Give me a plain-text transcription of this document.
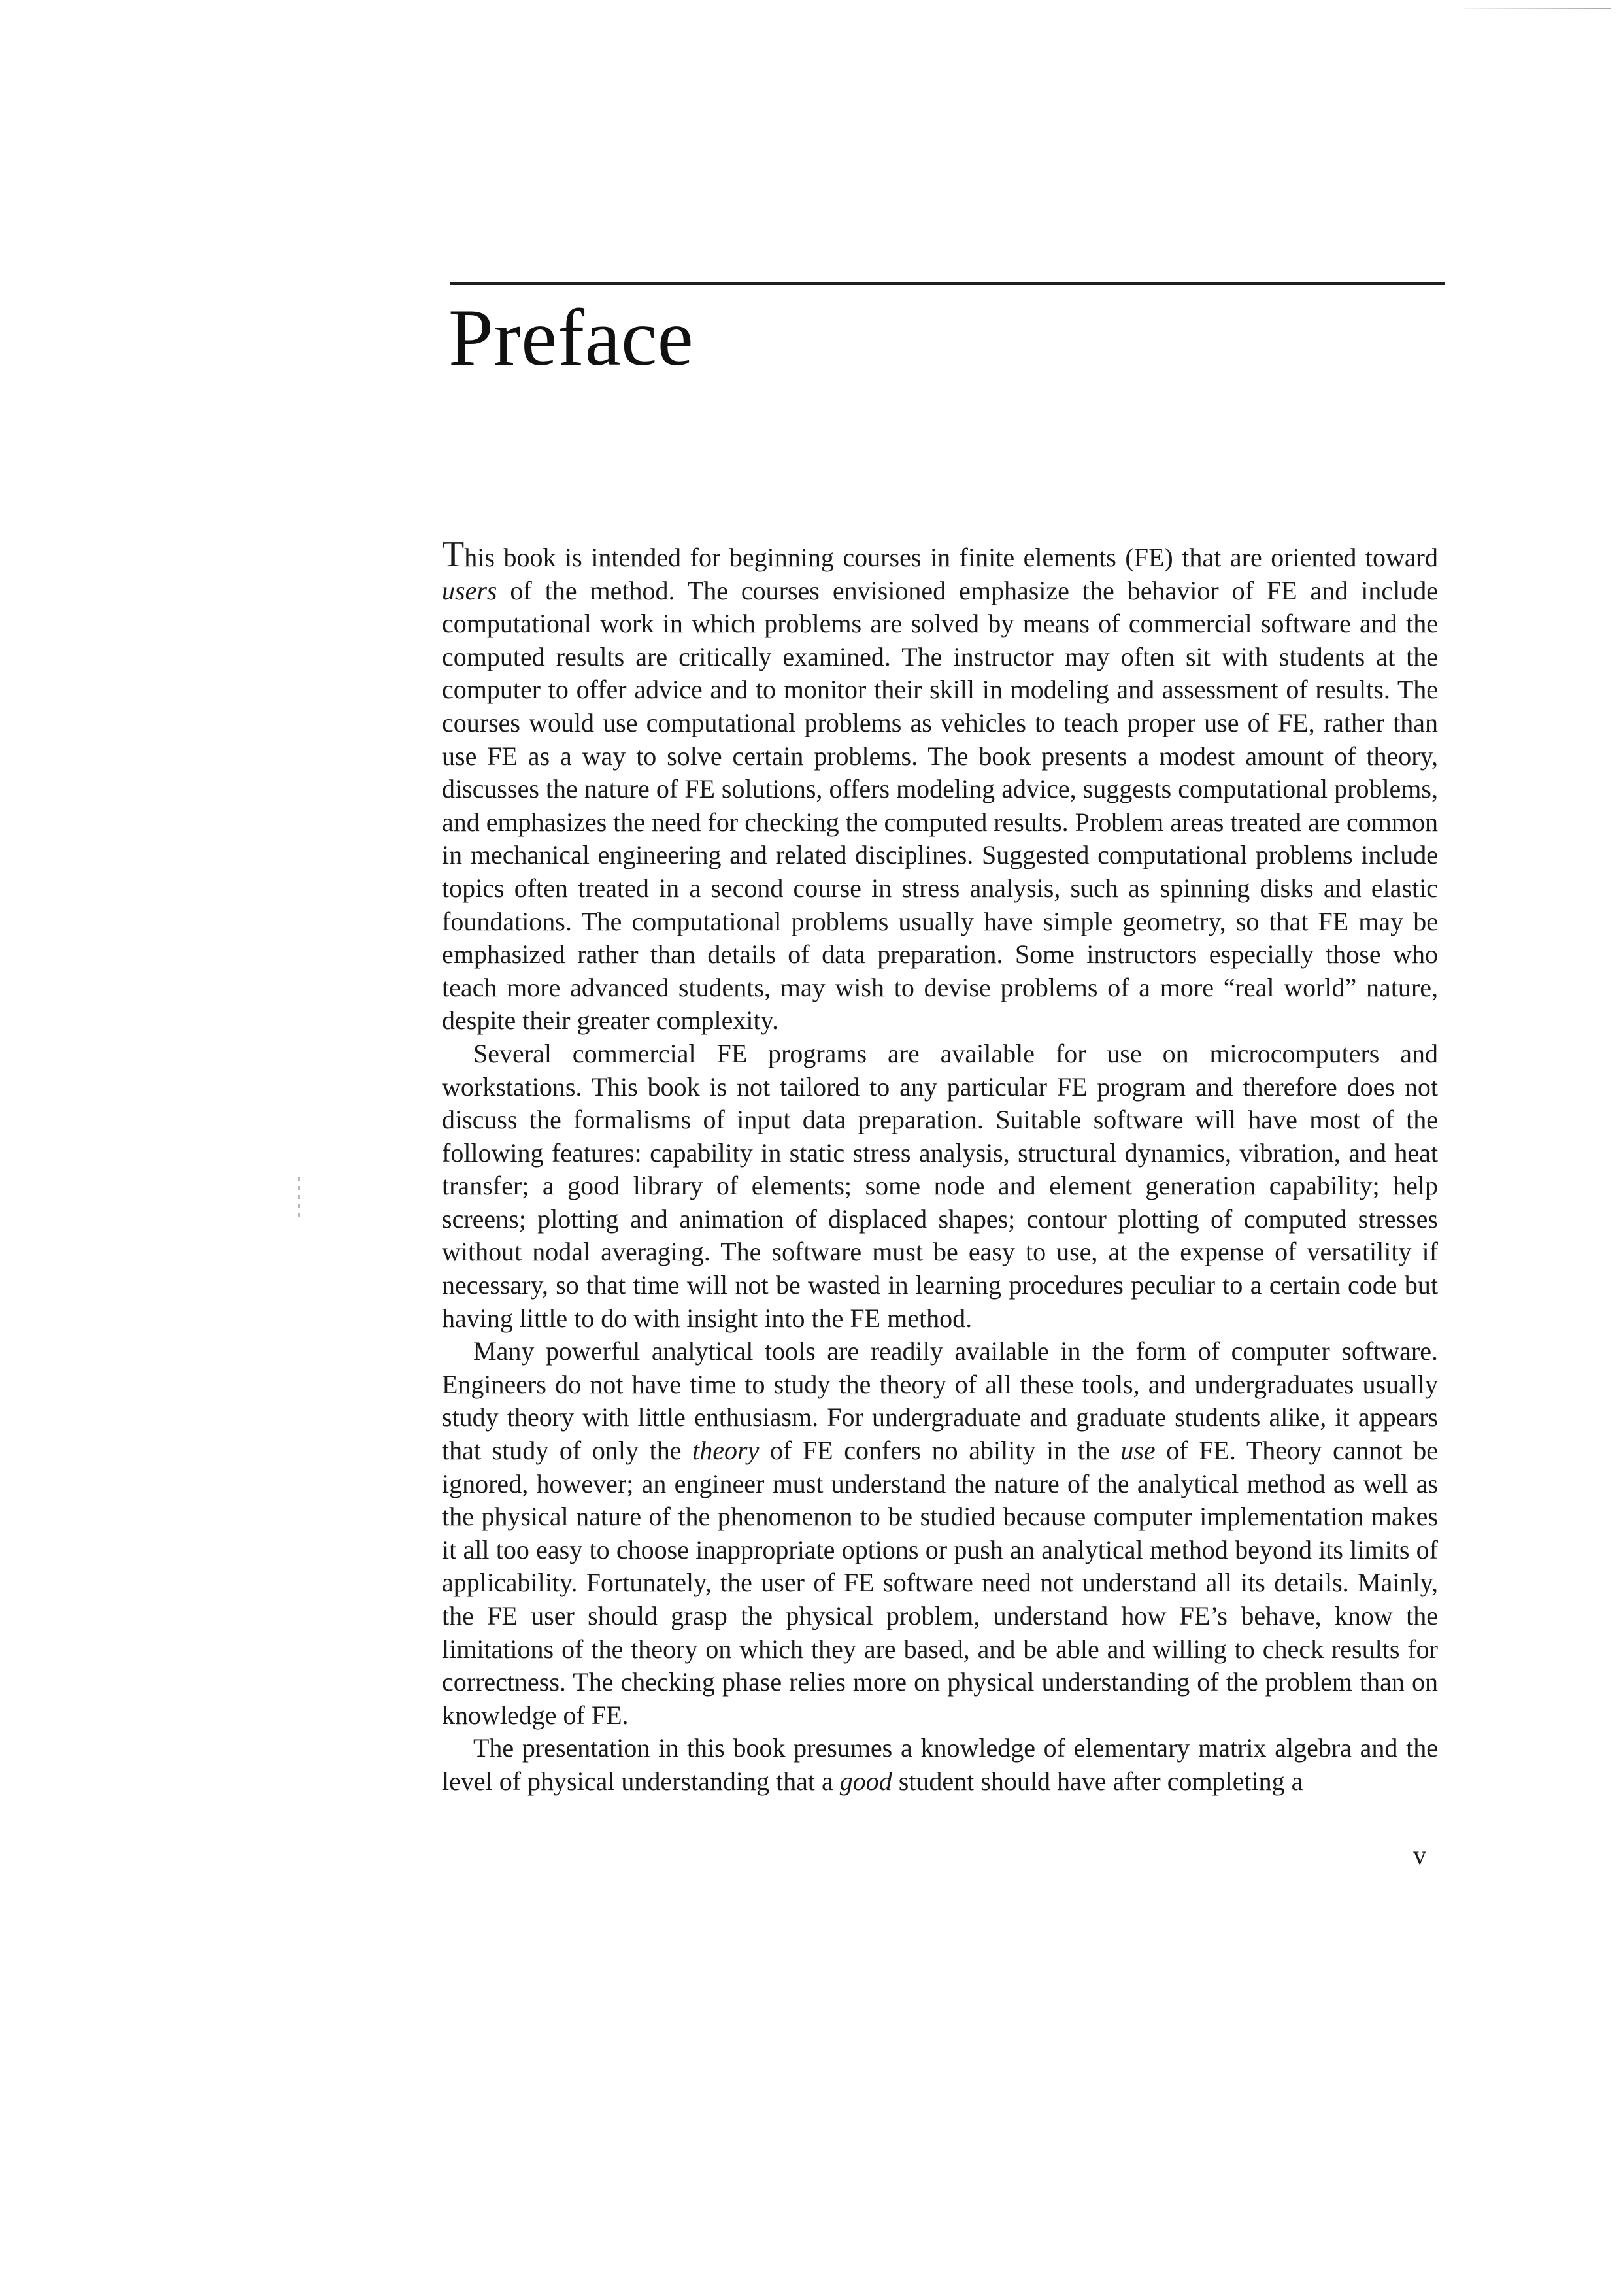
Preface

This book is intended for beginning courses in finite elements (FE) that are oriented toward users of the method. The courses envisioned emphasize the behavior of FE and include computational work in which problems are solved by means of commercial software and the computed results are critically examined. The instructor may often sit with students at the computer to offer advice and to monitor their skill in modeling and assessment of results. The courses would use computational problems as vehicles to teach proper use of FE, rather than use FE as a way to solve certain problems. The book presents a modest amount of theory, discusses the nature of FE solutions, offers modeling advice, suggests computational problems, and emphasizes the need for checking the computed results. Problem areas treated are common in mechanical engineering and related disciplines. Suggested computational problems include topics often treated in a second course in stress analysis, such as spinning disks and elastic foundations. The computational problems usually have simple geometry, so that FE may be emphasized rather than details of data preparation. Some instructors especially those who teach more advanced students, may wish to devise problems of a more “real world” nature, despite their greater complexity.

Several commercial FE programs are available for use on microcomputers and workstations. This book is not tailored to any particular FE program and therefore does not discuss the formalisms of input data preparation. Suitable software will have most of the following features: capability in static stress analysis, structural dynamics, vibration, and heat transfer; a good library of elements; some node and element generation capability; help screens; plotting and animation of displaced shapes; contour plotting of computed stresses without nodal averaging. The software must be easy to use, at the expense of versatility if necessary, so that time will not be wasted in learning procedures peculiar to a certain code but having little to do with insight into the FE method.

Many powerful analytical tools are readily available in the form of computer software. Engineers do not have time to study the theory of all these tools, and undergraduates usually study theory with little enthusiasm. For undergraduate and graduate students alike, it appears that study of only the theory of FE confers no ability in the use of FE. Theory cannot be ignored, however; an engineer must understand the nature of the analytical method as well as the physical nature of the phenomenon to be studied because computer implementation makes it all too easy to choose inappropriate options or push an analytical method beyond its limits of applicability. Fortunately, the user of FE software need not understand all its details. Mainly, the FE user should grasp the physical problem, understand how FE’s behave, know the limitations of the theory on which they are based, and be able and willing to check results for correctness. The checking phase relies more on physical understanding of the problem than on knowledge of FE.

The presentation in this book presumes a knowledge of elementary matrix algebra and the level of physical understanding that a good student should have after completing a

v
